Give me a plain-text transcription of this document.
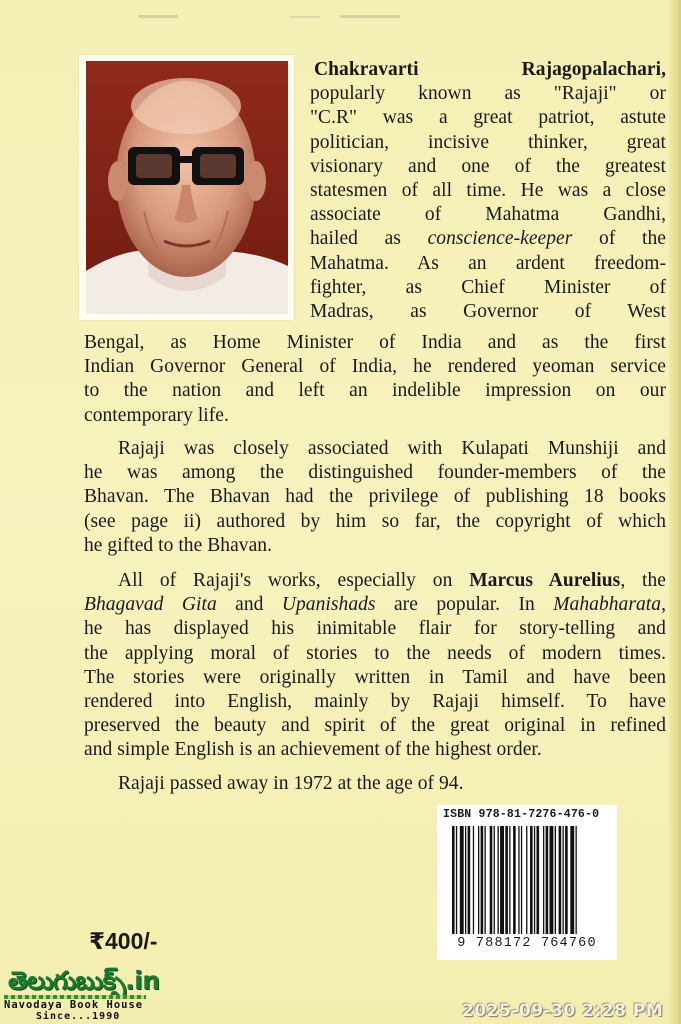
Chakravarti Rajagopalachari,
popularly known as "Rajaji" or
"C.R" was a great patriot, astute
politician, incisive thinker, great
visionary and one of the greatest
statesmen of all time. He was a close
associate of Mahatma Gandhi,
hailed as conscience-keeper of the
Mahatma. As an ardent freedom-
fighter, as Chief Minister of
Madras, as Governor of West
Bengal, as Home Minister of India and as the first
Indian Governor General of India, he rendered yeoman service
to the nation and left an indelible impression on our
contemporary life.
Rajaji was closely associated with Kulapati Munshiji and
he was among the distinguished founder-members of the
Bhavan. The Bhavan had the privilege of publishing 18 books
(see page ii) authored by him so far, the copyright of which
he gifted to the Bhavan.
All of Rajaji's works, especially on Marcus Aurelius, the
Bhagavad Gita and Upanishads are popular. In Mahabharata,
he has displayed his inimitable flair for story-telling and
the applying moral of stories to the needs of modern times.
The stories were originally written in Tamil and have been
rendered into English, mainly by Rajaji himself. To have
preserved the beauty and spirit of the great original in refined
and simple English is an achievement of the highest order.
Rajaji passed away in 1972 at the age of 94.
ISBN 978-81-7276-476-0
9 788172 764760
₹400/-
తెలుగుబుక్స్.in
Navodaya Book House
Since...1990	2025-09-30 2:28 PM
